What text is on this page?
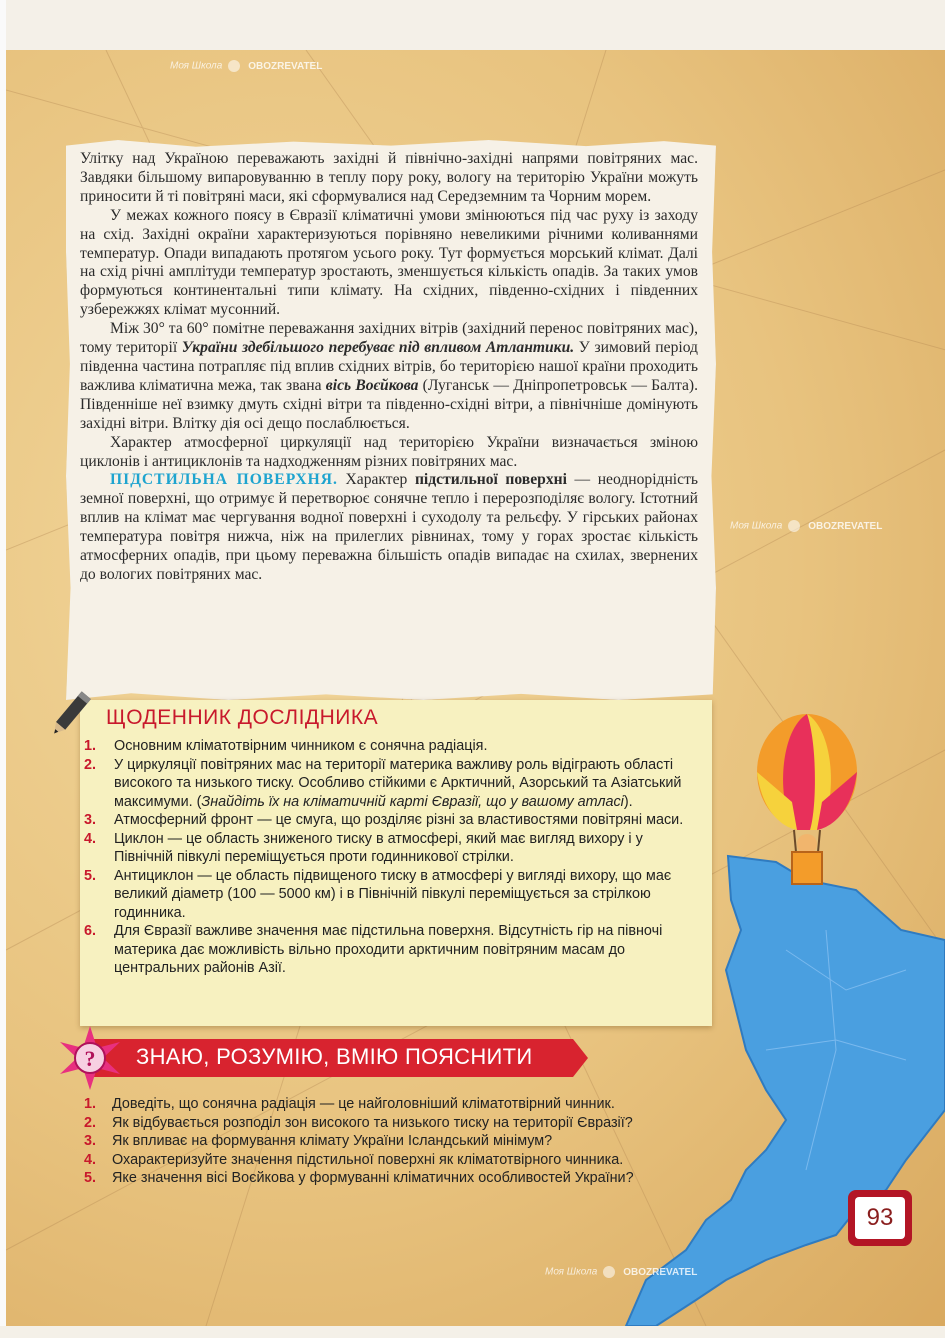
Улітку над Україною переважають західні й північно-західні напрями повітряних мас. Завдяки більшому випаровуванню в теплу пору року, вологу на територію України можуть приносити й ті повітряні маси, які сформувалися над Середземним та Чорним морем.

У межах кожного поясу в Євразії кліматичні умови змінюються під час руху із заходу на схід. Західні окраїни характеризуються порівняно невеликими річними коливаннями температур. Опади випадають протягом усього року. Тут формується морський клімат. Далі на схід річні амплітуди температур зростають, зменшується кількість опадів. За таких умов формуються континентальні типи клімату. На східних, південно-східних і південних узбережжях клімат мусонний.

Між 30° та 60° помітне переважання західних вітрів (західний перенос повітряних мас), тому території України здебільшого перебуває під впливом Атлантики. У зимовий період південна частина потрапляє під вплив східних вітрів, бо територією нашої країни проходить важлива кліматична межа, так звана вісь Воєйкова (Луганськ — Дніпропетровськ — Балта). Південніше неї взимку дмуть східні вітри та південно-східні вітри, а північніше домінують західні вітри. Влітку дія осі дещо послаблюється.

Характер атмосферної циркуляції над територією України визначається зміною циклонів і антициклонів та надходженням різних повітряних мас.

ПІДСТИЛЬНА ПОВЕРХНЯ. Характер підстильної поверхні — неоднорідність земної поверхні, що отримує й перетворює сонячне тепло і перерозподіляє вологу. Істотний вплив на клімат має чергування водної поверхні і суходолу та рельєфу. У гірських районах температура повітря нижча, ніж на прилеглих рівнинах, тому у горах зростає кількість атмосферних опадів, при цьому переважна більшість опадів випадає на схилах, звернених до вологих повітряних мас.

ЩОДЕННИК ДОСЛІДНИКА
1. Основним кліматотвірним чинником є сонячна радіація.
2. У циркуляції повітряних мас на території материка важливу роль відіграють області високого та низького тиску. Особливо стійкими є Арктичний, Азорський та Азіатський максимуми. (Знайдіть їх на кліматичній карті Євразії, що у вашому атласі).
3. Атмосферний фронт — це смуга, що розділяє різні за властивостями повітряні маси.
4. Циклон — це область зниженого тиску в атмосфері, який має вигляд вихору і у Північній півкулі переміщується проти годинникової стрілки.
5. Антициклон — це область підвищеного тиску в атмосфері у вигляді вихору, що має великий діаметр (100 — 5000 км) і в Північній півкулі переміщується за стрілкою годинника.
6. Для Євразії важливе значення має підстильна поверхня. Відсутність гір на півночі материка дає можливість вільно проходити арктичним повітряним масам до центральних районів Азії.
? ЗНАЮ, РОЗУМІЮ, ВМІЮ ПОЯСНИТИ
1. Доведіть, що сонячна радіація — це найголовніший кліматотвірний чинник.
2. Як відбувається розподіл зон високого та низького тиску на території Євразії?
3. Як впливає на формування клімату України Ісландський мінімум?
4. Охарактеризуйте значення підстильної поверхні як кліматотвірного чинника.
5. Яке значення вісі Воєйкова у формуванні кліматичних особливостей України?
93
Моя Школа	OBOZREVATEL
Моя Школа	OBOZREVATEL
Моя Школа	OBOZREVATEL
